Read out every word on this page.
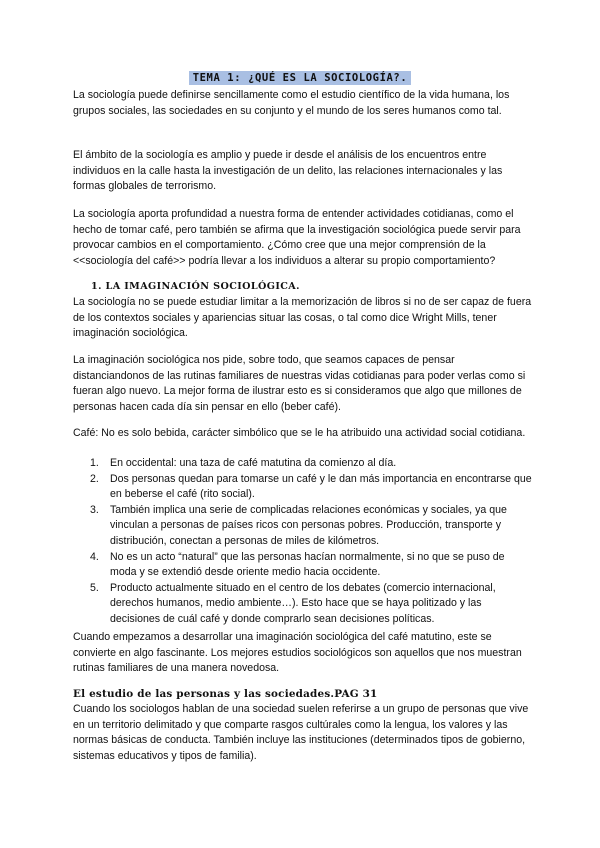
TEMA 1: ¿QUÉ ES LA SOCIOLOGÍA?.

La sociología puede definirse sencillamente como el estudio científico de la vida humana, los grupos sociales, las sociedades en su conjunto y el mundo de los seres humanos como tal.

El ámbito de la sociología es amplio y puede ir desde el análisis de los encuentros entre individuos en la calle hasta la investigación de un delito, las relaciones internacionales y las formas globales de terrorismo.

La sociología aporta profundidad a nuestra forma de entender actividades cotidianas, como el hecho de tomar café, pero también se afirma que la investigación sociológica puede servir para provocar cambios en el comportamiento. ¿Cómo cree que una mejor comprensión de la <<sociología del café>> podría llevar a los individuos a alterar su propio comportamiento?

1. LA IMAGINACIÓN SOCIOLÓGICA.

La sociología no se puede estudiar limitar a la memorización de libros si no de ser capaz de fuera de los contextos sociales y apariencias situar las cosas, o tal como dice Wright Mills, tener imaginación sociológica.

La imaginación sociológica nos pide, sobre todo, que seamos capaces de pensar distanciandonos de las rutinas familiares de nuestras vidas cotidianas para poder verlas como si fueran algo nuevo. La mejor forma de ilustrar esto es si consideramos que algo que millones de personas hacen cada día sin pensar en ello (beber café).

Café: No es solo bebida, carácter simbólico que se le ha atribuido una actividad social cotidiana.

1. En occidental: una taza de café matutina da comienzo al día.
2. Dos personas quedan para tomarse un café y le dan más importancia en encontrarse que en beberse el café (rito social).
3. También implica una serie de complicadas relaciones económicas y sociales, ya que vinculan a personas de países ricos con personas pobres. Producción, transporte y distribución, conectan a personas de miles de kilómetros.
4. No es un acto “natural” que las personas hacían normalmente, si no que se puso de moda y se extendió desde oriente medio hacia occidente.
5. Producto actualmente situado en el centro de los debates (comercio internacional, derechos humanos, medio ambiente…). Esto hace que se haya politizado y las decisiones de cuál café y donde comprarlo sean decisiones políticas.

Cuando empezamos a desarrollar una imaginación sociológica del café matutino, este se convierte en algo fascinante. Los mejores estudios sociológicos son aquellos que nos muestran rutinas familiares de una manera novedosa.

El estudio de las personas y las sociedades.PAG 31

Cuando los sociologos hablan de una sociedad suelen referirse a un grupo de personas que vive en un territorio delimitado y que comparte rasgos cultúrales como la lengua, los valores y las normas básicas de conducta. También incluye las instituciones (determinados tipos de gobierno, sistemas educativos y tipos de familia).
